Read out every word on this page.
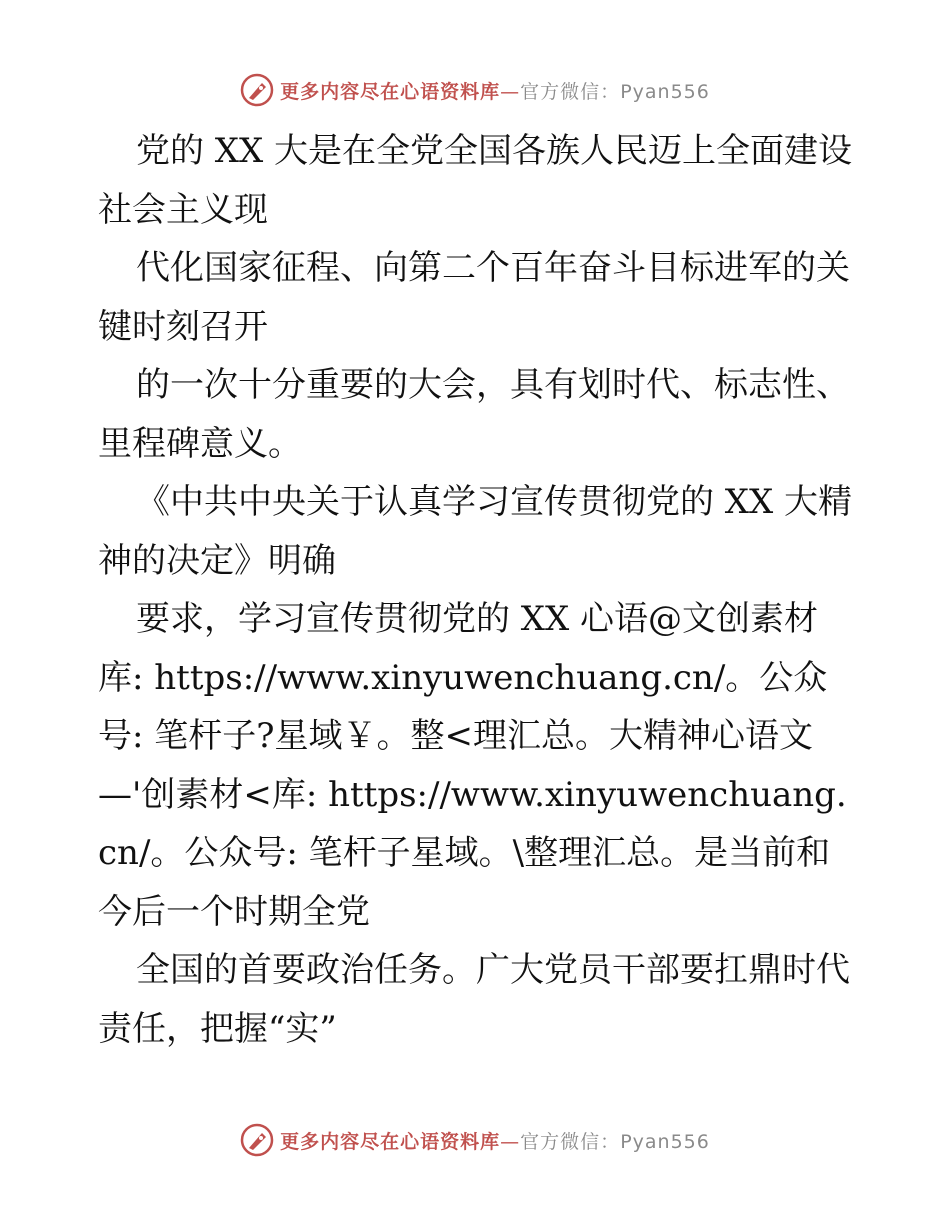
更多内容尽在心语资料库—官方微信：Pyan556

党的 XX 大是在全党全国各族人民迈上全面建设社会主义现

代化国家征程、向第二个百年奋斗目标进军的关键时刻召开

的一次十分重要的大会，具有划时代、标志性、里程碑意义。

《中共中央关于认真学习宣传贯彻党的 XX 大精神的决定》明确

要求，学习宣传贯彻党的 XX 心语@文创素材库: https://www.xinyuwenchuang.cn/。公众号: 笔杆子?星域￥。整<理汇总。大精神心语文—'创素材<库: https://www.xinyuwenchuang.cn/。公众号: 笔杆子星域。\整理汇总。是当前和今后一个时期全党

全国的首要政治任务。广大党员干部要扛鼎时代责任，把握“实”

更多内容尽在心语资料库—官方微信：Pyan556
